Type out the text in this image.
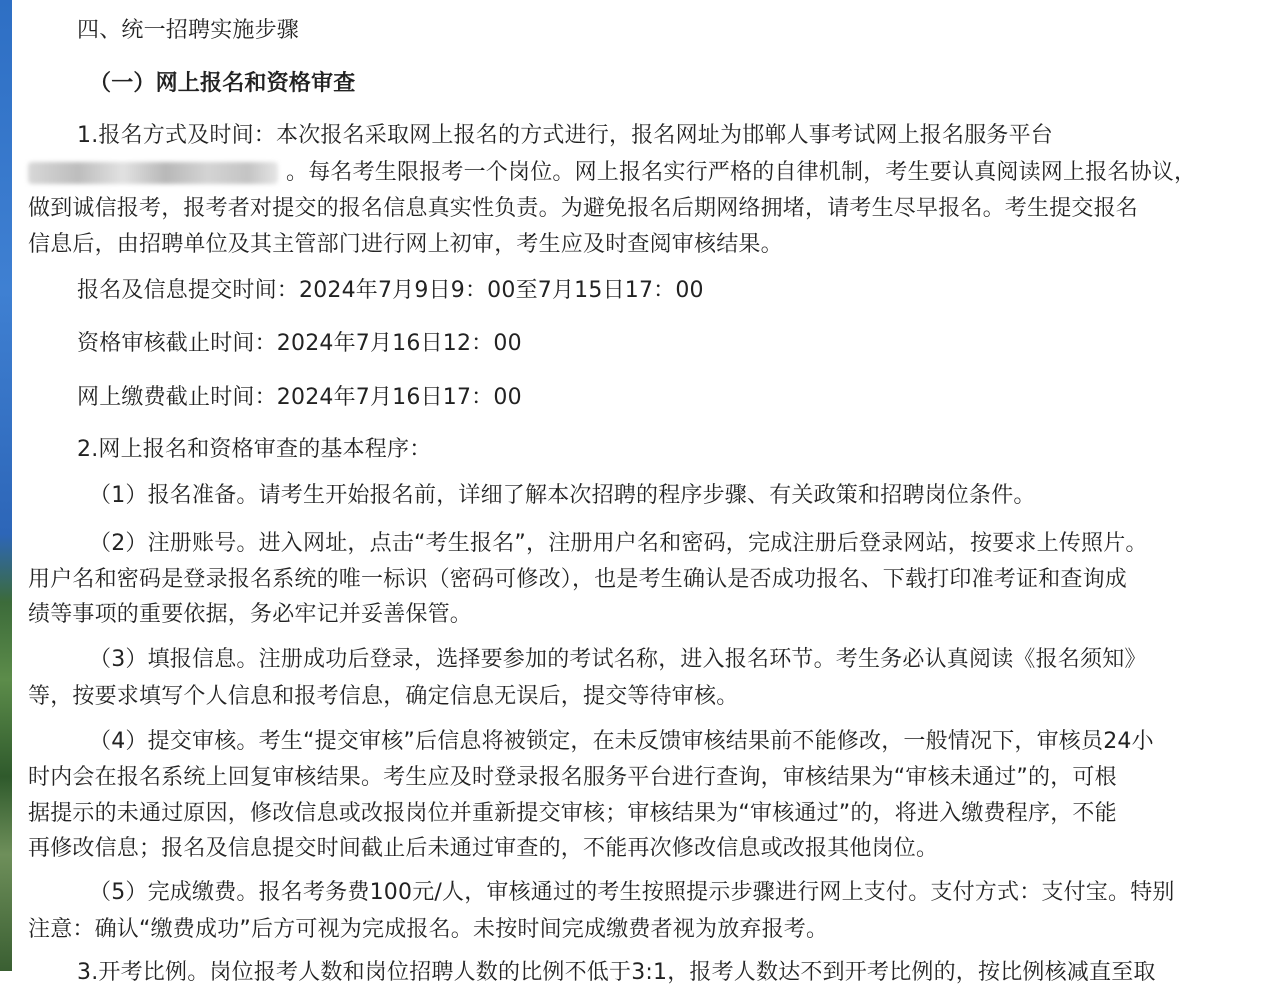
四、统一招聘实施步骤
（一）网上报名和资格审查
1.报名方式及时间：本次报名采取网上报名的方式进行，报名网址为邯郸人事考试网上报名服务平台
。每名考生限报考一个岗位。网上报名实行严格的自律机制，考生要认真阅读网上报名协议，
做到诚信报考，报考者对提交的报名信息真实性负责。为避免报名后期网络拥堵，请考生尽早报名。考生提交报名
信息后，由招聘单位及其主管部门进行网上初审，考生应及时查阅审核结果。
报名及信息提交时间：2024年7月9日9：00至7月15日17：00
资格审核截止时间：2024年7月16日12：00
网上缴费截止时间：2024年7月16日17：00
2.网上报名和资格审查的基本程序：
（1）报名准备。请考生开始报名前，详细了解本次招聘的程序步骤、有关政策和招聘岗位条件。
（2）注册账号。进入网址，点击“考生报名”，注册用户名和密码，完成注册后登录网站，按要求上传照片。
用户名和密码是登录报名系统的唯一标识（密码可修改），也是考生确认是否成功报名、下载打印准考证和查询成
绩等事项的重要依据，务必牢记并妥善保管。
（3）填报信息。注册成功后登录，选择要参加的考试名称，进入报名环节。考生务必认真阅读《报名须知》
等，按要求填写个人信息和报考信息，确定信息无误后，提交等待审核。
（4）提交审核。考生“提交审核”后信息将被锁定，在未反馈审核结果前不能修改，一般情况下，审核员24小
时内会在报名系统上回复审核结果。考生应及时登录报名服务平台进行查询，审核结果为“审核未通过”的，可根
据提示的未通过原因，修改信息或改报岗位并重新提交审核；审核结果为“审核通过”的，将进入缴费程序，不能
再修改信息；报名及信息提交时间截止后未通过审查的，不能再次修改信息或改报其他岗位。
（5）完成缴费。报名考务费100元/人，审核通过的考生按照提示步骤进行网上支付。支付方式：支付宝。特别
注意：确认“缴费成功”后方可视为完成报名。未按时间完成缴费者视为放弃报考。
3.开考比例。岗位报考人数和岗位招聘人数的比例不低于3:1，报考人数达不到开考比例的，按比例核减直至取
